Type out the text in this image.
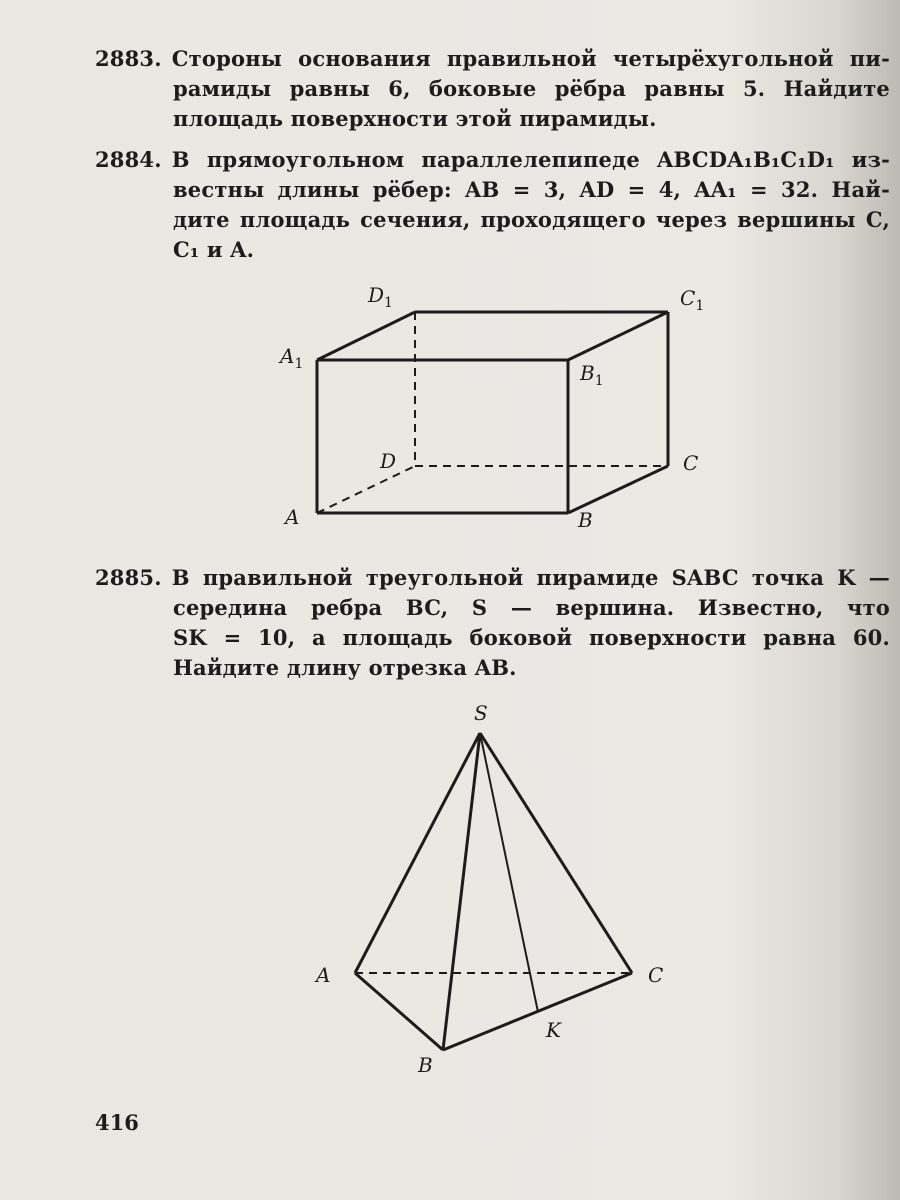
2883. Стороны основания правильной четырёхугольной пи-
рамиды равны 6, боковые рёбра равны 5. Найдите
площадь поверхности этой пирамиды.
2884. В прямоугольном параллелепипеде ABCDA₁B₁C₁D₁ из-
вестны длины рёбер: AB = 3, AD = 4, AA₁ = 32. Най-
дите площадь сечения, проходящего через вершины C,
C₁ и A.
A	B
C
D
$A_1$	$B_1$
$C_1$
$D_1$
2885. В правильной треугольной пирамиде SABC точка K —
середина ребра BC, S — вершина. Известно, что
SK = 10, а площадь боковой поверхности равна 60.
Найдите длину отрезка AB.
S
A
B
C
K
416
